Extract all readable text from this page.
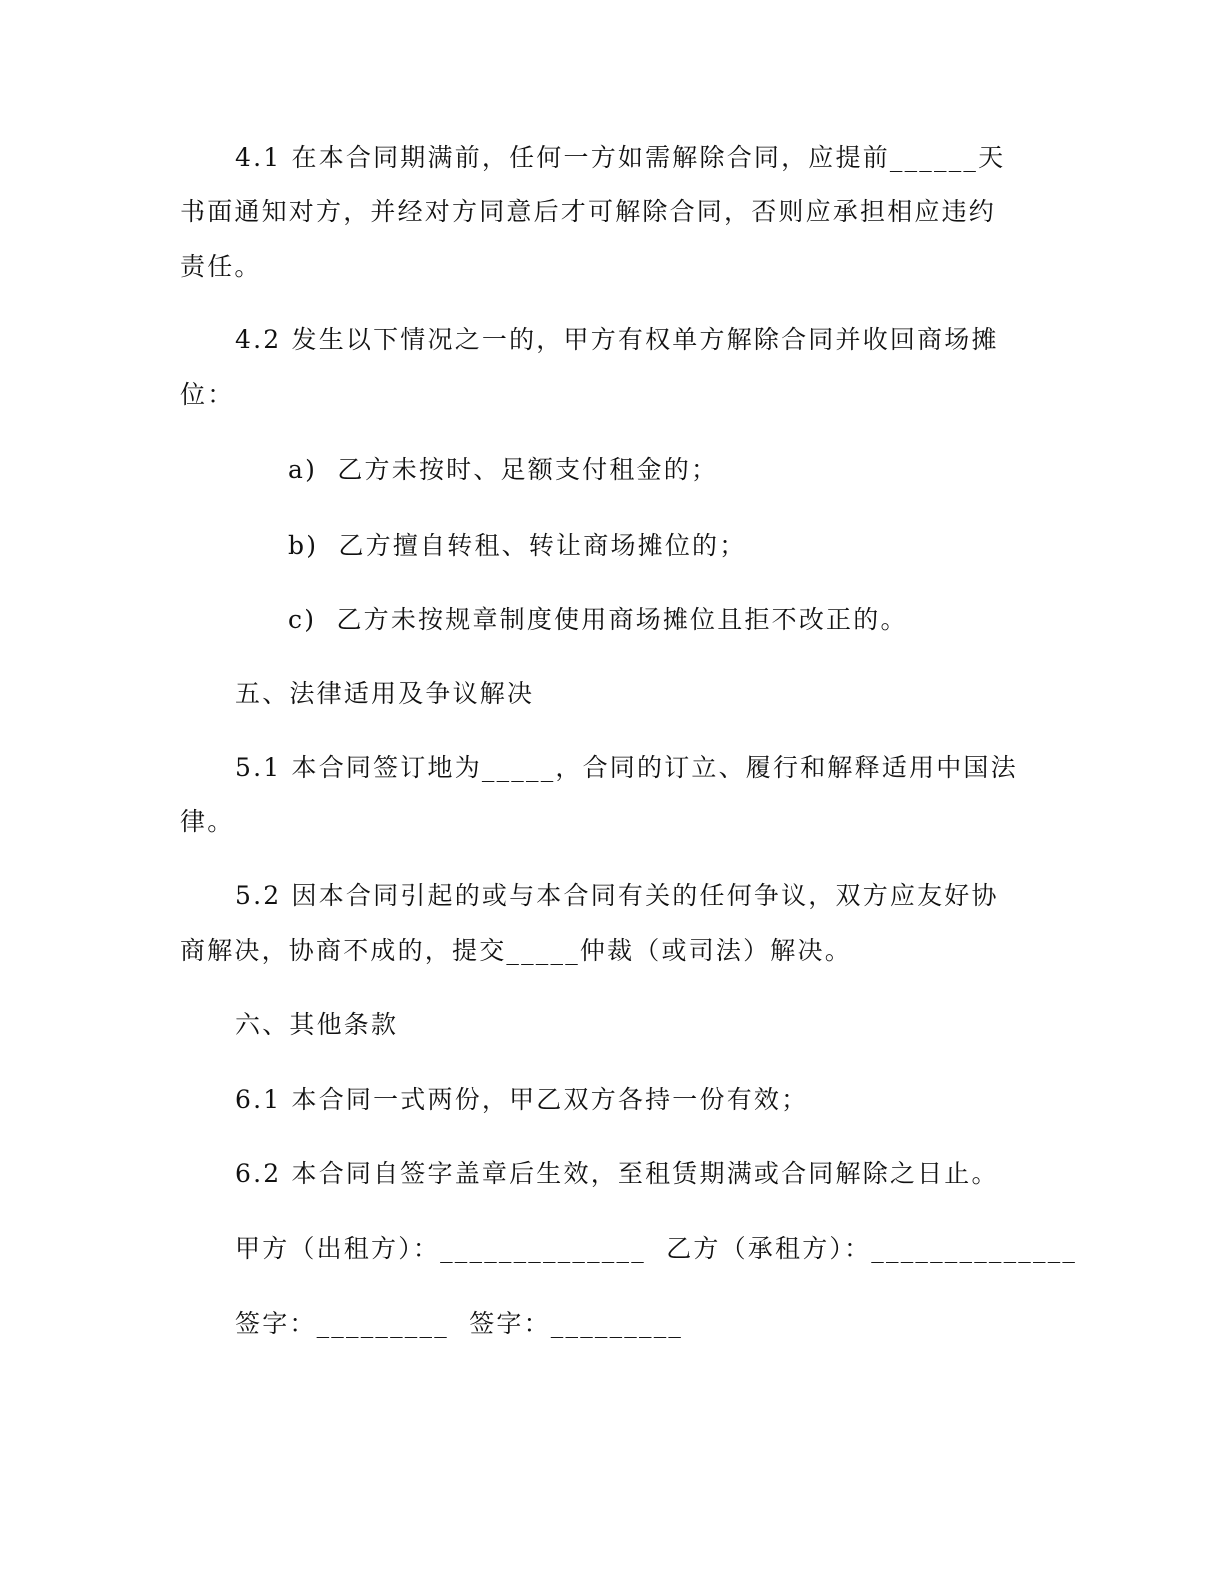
4.1 在本合同期满前，任何一方如需解除合同，应提前______天
书面通知对方，并经对方同意后才可解除合同，否则应承担相应违约
责任。
4.2 发生以下情况之一的，甲方有权单方解除合同并收回商场摊
位：
a)  乙方未按时、足额支付租金的；
b)  乙方擅自转租、转让商场摊位的；
c)  乙方未按规章制度使用商场摊位且拒不改正的。
五、法律适用及争议解决
5.1 本合同签订地为_____，合同的订立、履行和解释适用中国法
律。
5.2 因本合同引起的或与本合同有关的任何争议，双方应友好协
商解决，协商不成的，提交_____仲裁（或司法）解决。
六、其他条款
6.1 本合同一式两份，甲乙双方各持一份有效；
6.2 本合同自签字盖章后生效，至租赁期满或合同解除之日止。
甲方（出租方）：______________  乙方（承租方）：______________
签字：_________  签字：_________
